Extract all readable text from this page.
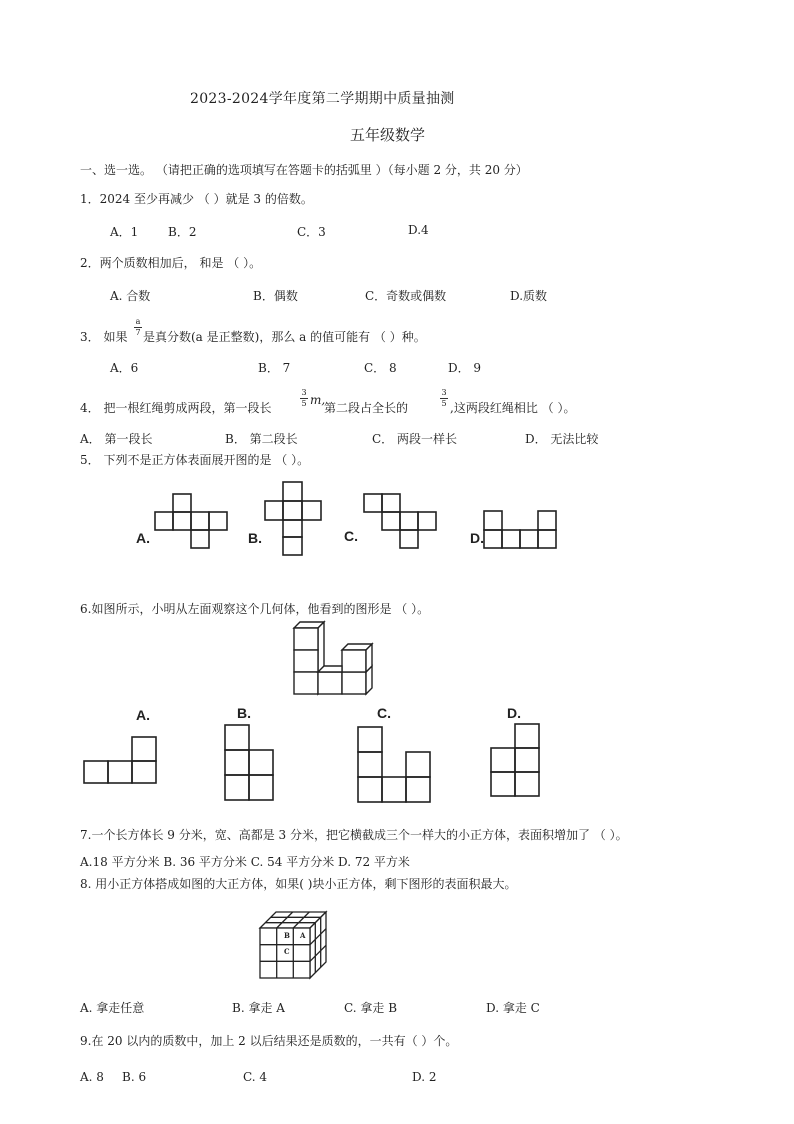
2023-2024学年度第二学期期中质量抽测
五年级数学
一、选一选。 （请把正确的选项填写在答题卡的括弧里 ）（每小题 2 分，共 20 分）
1．2024 至少再减少 （ ）就是 3 的倍数。
A．1 B．2	C．3	D.4
2．两个质数相加后， 和是 （ ）。
A. 合数	B．偶数	C．奇数或偶数	D.质数
3． 如果
a
7 是真分数(a 是正整数)，那么 a 的值可能有 （ ）种。
A．6	B． 7	C． 8	D． 9
4． 把一根红绳剪成两段，第一段长
3
5 m,
第二段占全长的
3
5 ,这两段红绳相比 （ ）。
A． 第一段长	B． 第二段长	C． 两段一样长	D． 无法比较
5． 下列不是正方体表面展开图的是 （ ）。
A.	B.	C.	D.
6.如图所示，小明从左面观察这个几何体，他看到的图形是 （ ）。
A.	B.	C.	D.
7.一个长方体长 9 分米，宽、高都是 3 分米，把它横截成三个一样大的小正方体，表面积增加了 （ ）。
A.18 平方分米 B. 36 平方分米 C. 54 平方分米 D. 72 平方米
8. 用小正方体搭成如图的大正方体，如果( )块小正方体，剩下图形的表面积最大。
B A
C
A. 拿走任意	B. 拿走 A	C. 拿走 B	D. 拿走 C
9.在 20 以内的质数中，加上 2 以后结果还是质数的，一共有（ ）个。
A. 8 B. 6	C. 4	D. 2
